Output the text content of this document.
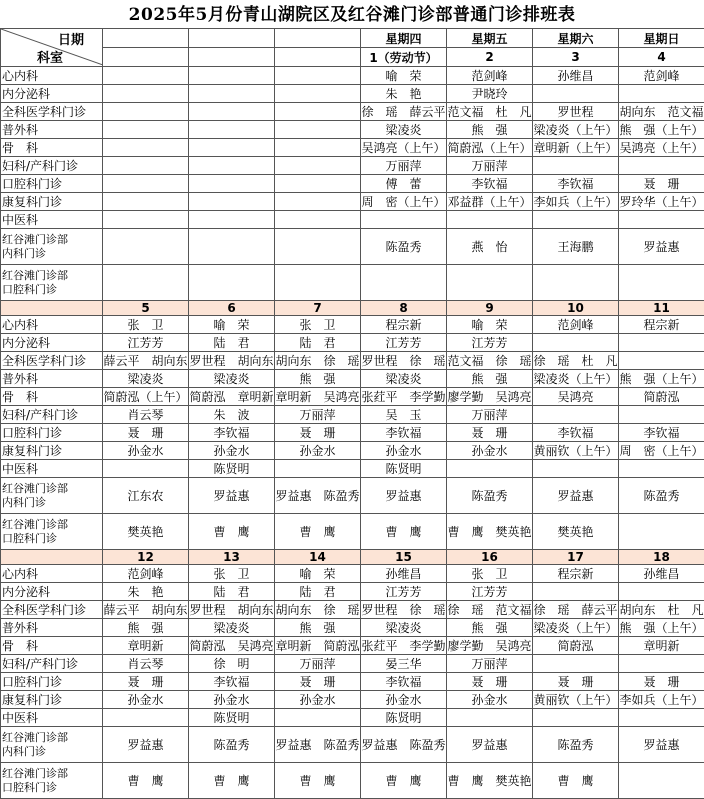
2025年5月份青山湖院区及红谷滩门诊部普通门诊排班表
日期
科室				星期四	星期五	星期六	星期日
				1（劳动节）	2	3	4
心内科				喻　荣	范剑峰	孙维昌	范剑峰
内分泌科				朱　艳	尹晓玲		
全科医学科门诊				徐　瑶　薛云平	范文福　杜　凡	罗世程	胡向东　范文福
普外科				梁凌炎	熊　强	梁凌炎（上午）	熊　强（上午）
骨　科				吴鸿亮（上午）	简蔚泓（上午）	章明新（上午）	吴鸿亮（上午）
妇科/产科门诊				万丽萍	万丽萍		
口腔科门诊				傅　蕾	李钦福	李钦福	聂　珊
康复科门诊				周　密（上午）	邓益群（上午）	李如兵（上午）	罗玲华（上午）
中医科							
红谷滩门诊部
内科门诊				陈盈秀	燕　怡	王海鹏	罗益惠
红谷滩门诊部
口腔科门诊							
	5	6	7	8	9	10	11
心内科	张　卫	喻　荣	张　卫	程宗新	喻　荣	范剑峰	程宗新
内分泌科	江芳芳	陆　君	陆　君	江芳芳	江芳芳		
全科医学科门诊	薛云平　胡向东	罗世程　胡向东	胡向东　徐　瑶	罗世程　徐　瑶	范文福　徐　瑶	徐　瑶　杜　凡	
普外科	梁凌炎	梁凌炎	熊　强	梁凌炎	熊　强	梁凌炎（上午）	熊　强（上午）
骨　科	简蔚泓（上午）	简蔚泓　章明新	章明新　吴鸿亮	张荭平　李学勤	廖学勤　吴鸿亮	吴鸿亮	简蔚泓
妇科/产科门诊	肖云琴	朱　波	万丽萍	吴　玉	万丽萍		
口腔科门诊	聂　珊	李钦福	聂　珊	李钦福	聂　珊	李钦福	李钦福
康复科门诊	孙金水	孙金水	孙金水	孙金水	孙金水	黄丽钦（上午）	周　密（上午）
中医科		陈贤明		陈贤明			
红谷滩门诊部
内科门诊	江东农	罗益惠	罗益惠　陈盈秀	罗益惠	陈盈秀	罗益惠	陈盈秀
红谷滩门诊部
口腔科门诊	樊英艳	曹　鹰	曹　鹰	曹　鹰	曹　鹰　樊英艳	樊英艳	
	12	13	14	15	16	17	18
心内科	范剑峰	张　卫	喻　荣	孙维昌	张　卫	程宗新	孙维昌
内分泌科	朱　艳	陆　君	陆　君	江芳芳	江芳芳		
全科医学科门诊	薛云平　胡向东	罗世程　胡向东	胡向东　徐　瑶	罗世程　徐　瑶	徐　瑶　范文福	徐　瑶　薛云平	胡向东　杜　凡
普外科	熊　强	梁凌炎	熊　强	梁凌炎	熊　强	梁凌炎（上午）	熊　强（上午）
骨　科	章明新	简蔚泓　吴鸿亮	章明新　简蔚泓	张荭平　李学勤	廖学勤　吴鸿亮	简蔚泓	章明新
妇科/产科门诊	肖云琴	徐　明	万丽萍	晏三华	万丽萍		
口腔科门诊	聂　珊	李钦福	聂　珊	李钦福	聂　珊	聂　珊	聂　珊
康复科门诊	孙金水	孙金水	孙金水	孙金水	孙金水	黄丽钦（上午）	李如兵（上午）
中医科		陈贤明		陈贤明			
红谷滩门诊部
内科门诊	罗益惠	陈盈秀	罗益惠　陈盈秀	罗益惠　陈盈秀	罗益惠	陈盈秀	罗益惠
红谷滩门诊部
口腔科门诊	曹　鹰	曹　鹰	曹　鹰	曹　鹰	曹　鹰　樊英艳	曹　鹰	
